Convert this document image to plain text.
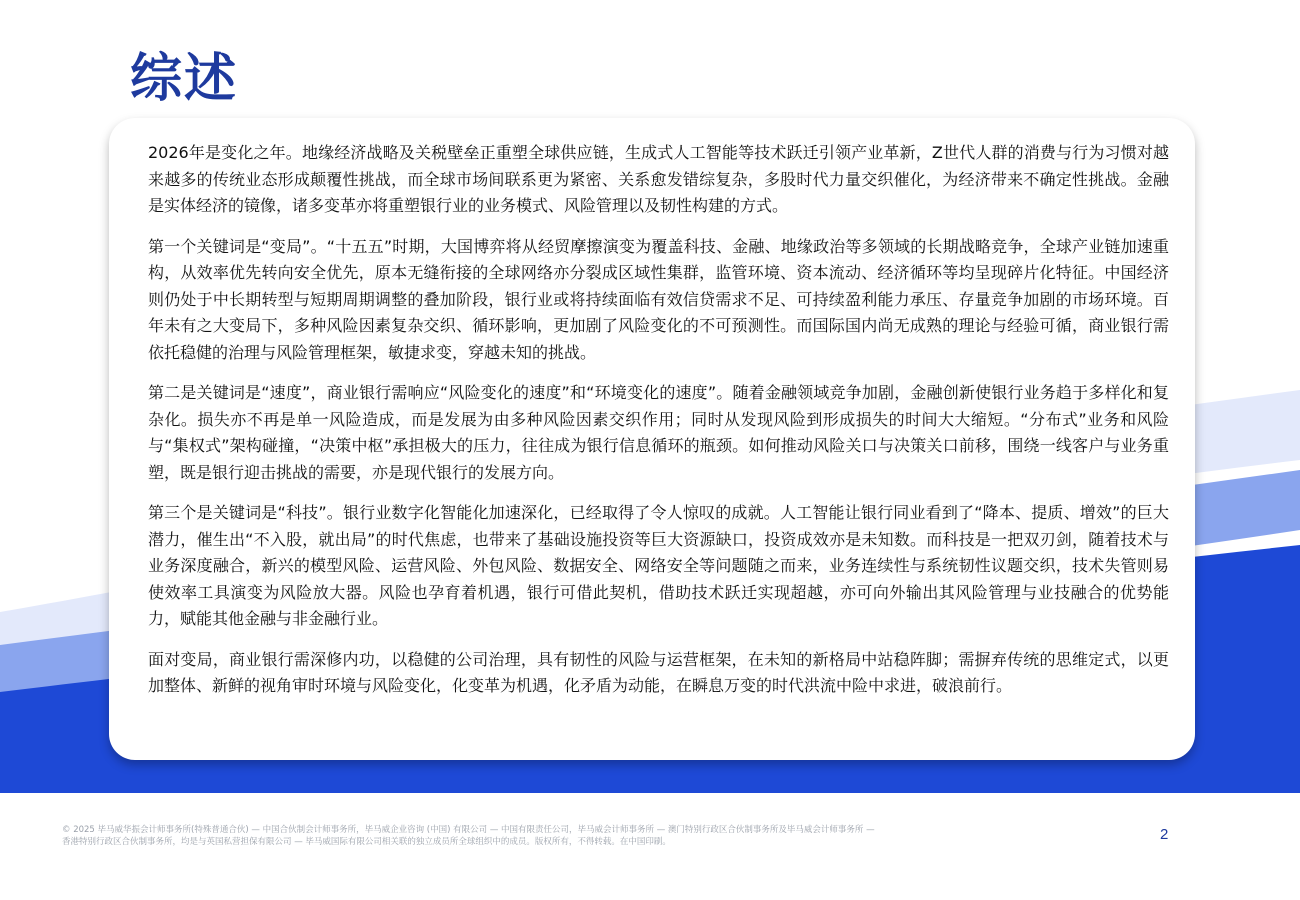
综述

2026年是变化之年。地缘经济战略及关税壁垒正重塑全球供应链，生成式人工智能等技术跃迁引领产业革新，Z世代人群的消费与行为习惯对越来越多的传统业态形成颠覆性挑战，而全球市场间联系更为紧密、关系愈发错综复杂，多股时代力量交织催化，为经济带来不确定性挑战。金融是实体经济的镜像，诸多变革亦将重塑银行业的业务模式、风险管理以及韧性构建的方式。

第一个关键词是“变局”。“十五五”时期，大国博弈将从经贸摩擦演变为覆盖科技、金融、地缘政治等多领域的长期战略竞争，全球产业链加速重构，从效率优先转向安全优先，原本无缝衔接的全球网络亦分裂成区域性集群，监管环境、资本流动、经济循环等均呈现碎片化特征。中国经济则仍处于中长期转型与短期周期调整的叠加阶段，银行业或将持续面临有效信贷需求不足、可持续盈利能力承压、存量竞争加剧的市场环境。百年未有之大变局下，多种风险因素复杂交织、循环影响，更加剧了风险变化的不可预测性。而国际国内尚无成熟的理论与经验可循，商业银行需依托稳健的治理与风险管理框架，敏捷求变，穿越未知的挑战。

第二是关键词是“速度”，商业银行需响应“风险变化的速度”和“环境变化的速度”。随着金融领域竞争加剧，金融创新使银行业务趋于多样化和复杂化。损失亦不再是单一风险造成，而是发展为由多种风险因素交织作用；同时从发现风险到形成损失的时间大大缩短。“分布式”业务和风险与“集权式”架构碰撞，“决策中枢”承担极大的压力，往往成为银行信息循环的瓶颈。如何推动风险关口与决策关口前移，围绕一线客户与业务重塑，既是银行迎击挑战的需要，亦是现代银行的发展方向。

第三个是关键词是“科技”。银行业数字化智能化加速深化，已经取得了令人惊叹的成就。人工智能让银行同业看到了“降本、提质、增效”的巨大潜力，催生出“不入股，就出局”的时代焦虑，也带来了基础设施投资等巨大资源缺口，投资成效亦是未知数。而科技是一把双刃剑，随着技术与业务深度融合，新兴的模型风险、运营风险、外包风险、数据安全、网络安全等问题随之而来，业务连续性与系统韧性议题交织，技术失管则易使效率工具演变为风险放大器。风险也孕育着机遇，银行可借此契机，借助技术跃迁实现超越，亦可向外输出其风险管理与业技融合的优势能力，赋能其他金融与非金融行业。

面对变局，商业银行需深修内功，以稳健的公司治理，具有韧性的风险与运营框架，在未知的新格局中站稳阵脚；需摒弃传统的思维定式，以更加整体、新鲜的视角审时环境与风险变化，化变革为机遇，化矛盾为动能，在瞬息万变的时代洪流中险中求进，破浪前行。

© 2025 毕马威华振会计师事务所(特殊普通合伙) — 中国合伙制会计师事务所，毕马威企业咨询 (中国) 有限公司 — 中国有限责任公司，毕马威会计师事务所 — 澳门特别行政区合伙制事务所及毕马威会计师事务所 —
香港特别行政区合伙制事务所，均是与英国私营担保有限公司 — 毕马威国际有限公司相关联的独立成员所全球组织中的成员。版权所有，不得转载。在中国印刷。	2
